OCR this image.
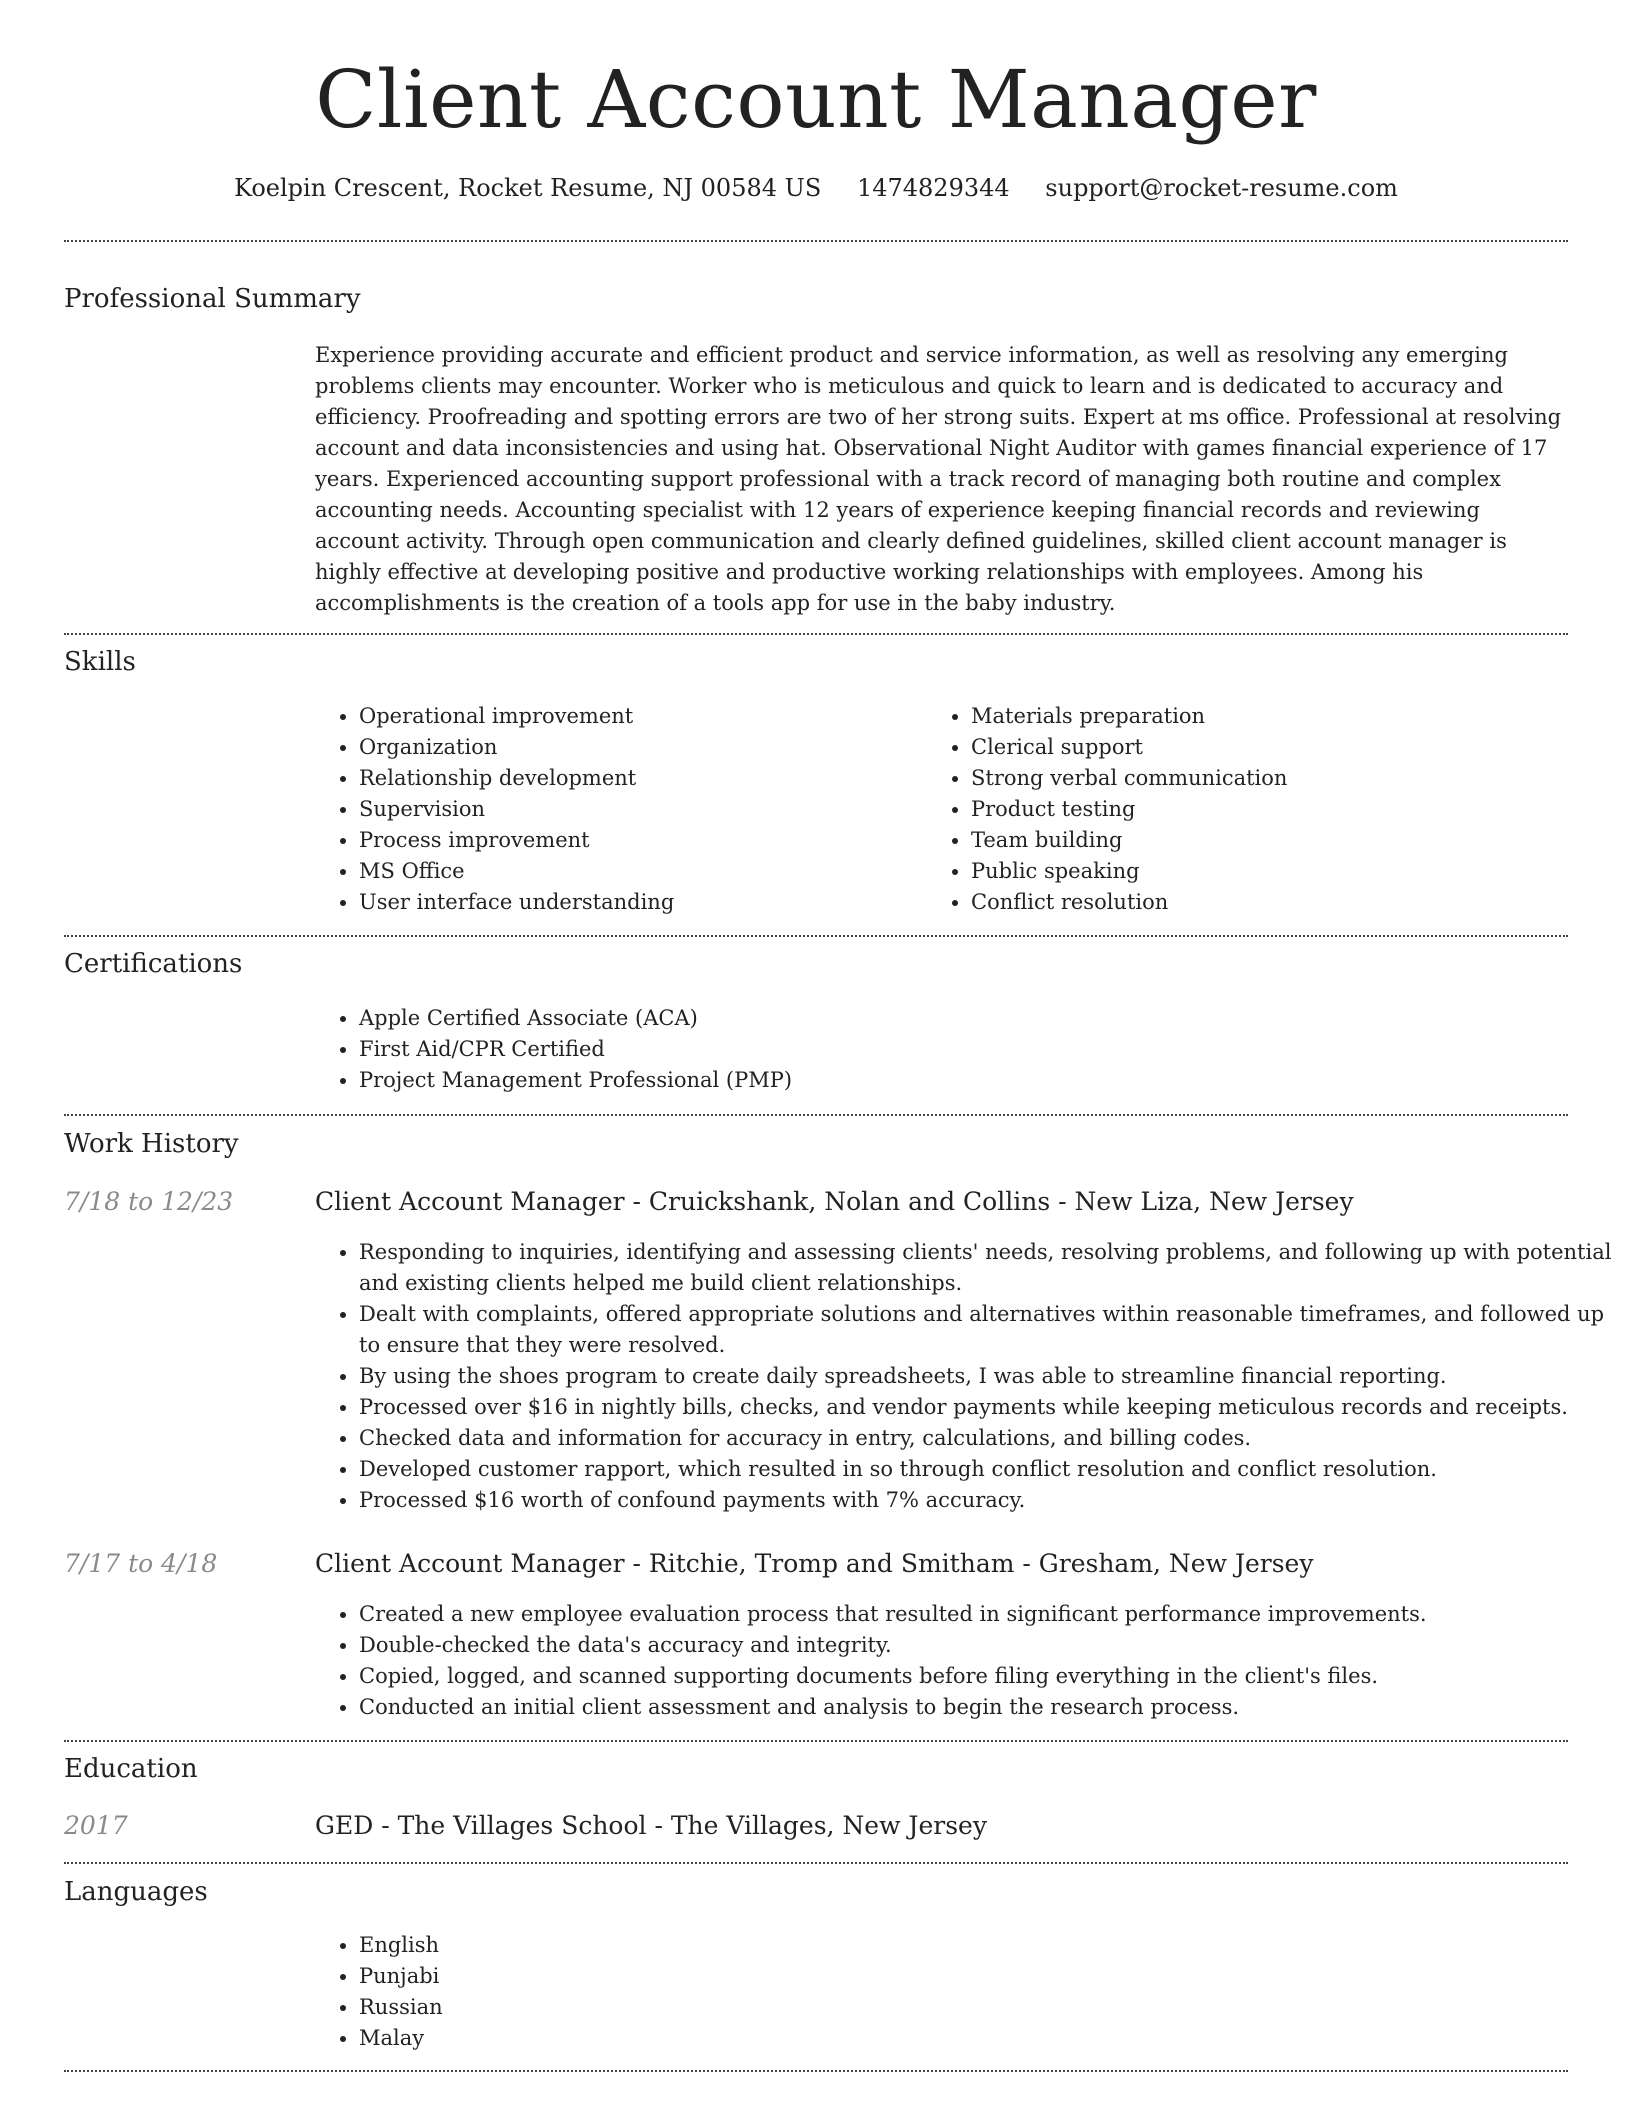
Client Account Manager
Koelpin Crescent, Rocket Resume, NJ 00584 US 1474829344 support@rocket-resume.com
Professional Summary

Experience providing accurate and efficient product and service information, as well as resolving any emerging problems clients may encounter. Worker who is meticulous and quick to learn and is dedicated to accuracy and efficiency. Proofreading and spotting errors are two of her strong suits. Expert at ms office. Professional at resolving account and data inconsistencies and using hat. Observational Night Auditor with games financial experience of 17 years. Experienced accounting support professional with a track record of managing both routine and complex accounting needs. Accounting specialist with 12 years of experience keeping financial records and reviewing account activity. Through open communication and clearly defined guidelines, skilled client account manager is highly effective at developing positive and productive working relationships with employees. Among his accomplishments is the creation of a tools app for use in the baby industry.

Skills
• Operational improvement
• Organization
• Relationship development
• Supervision
• Process improvement
• MS Office
• User interface understanding
• Materials preparation
• Clerical support
• Strong verbal communication
• Product testing
• Team building
• Public speaking
• Conflict resolution
Certifications
• Apple Certified Associate (ACA)
• First Aid/CPR Certified
• Project Management Professional (PMP)
Work History
7/18 to 12/23	Client Account Manager - Cruickshank, Nolan and Collins - New Liza, New Jersey
• Responding to inquiries, identifying and assessing clients' needs, resolving problems, and following up with potential and existing clients helped me build client relationships.
• Dealt with complaints, offered appropriate solutions and alternatives within reasonable timeframes, and followed up to ensure that they were resolved.
• By using the shoes program to create daily spreadsheets, I was able to streamline financial reporting.
• Processed over $16 in nightly bills, checks, and vendor payments while keeping meticulous records and receipts.
• Checked data and information for accuracy in entry, calculations, and billing codes.
• Developed customer rapport, which resulted in so through conflict resolution and conflict resolution.
• Processed $16 worth of confound payments with 7% accuracy.
7/17 to 4/18	Client Account Manager - Ritchie, Tromp and Smitham - Gresham, New Jersey
• Created a new employee evaluation process that resulted in significant performance improvements.
• Double-checked the data's accuracy and integrity.
• Copied, logged, and scanned supporting documents before filing everything in the client's files.
• Conducted an initial client assessment and analysis to begin the research process.
Education
2017	GED - The Villages School - The Villages, New Jersey
Languages
• English
• Punjabi
• Russian
• Malay
